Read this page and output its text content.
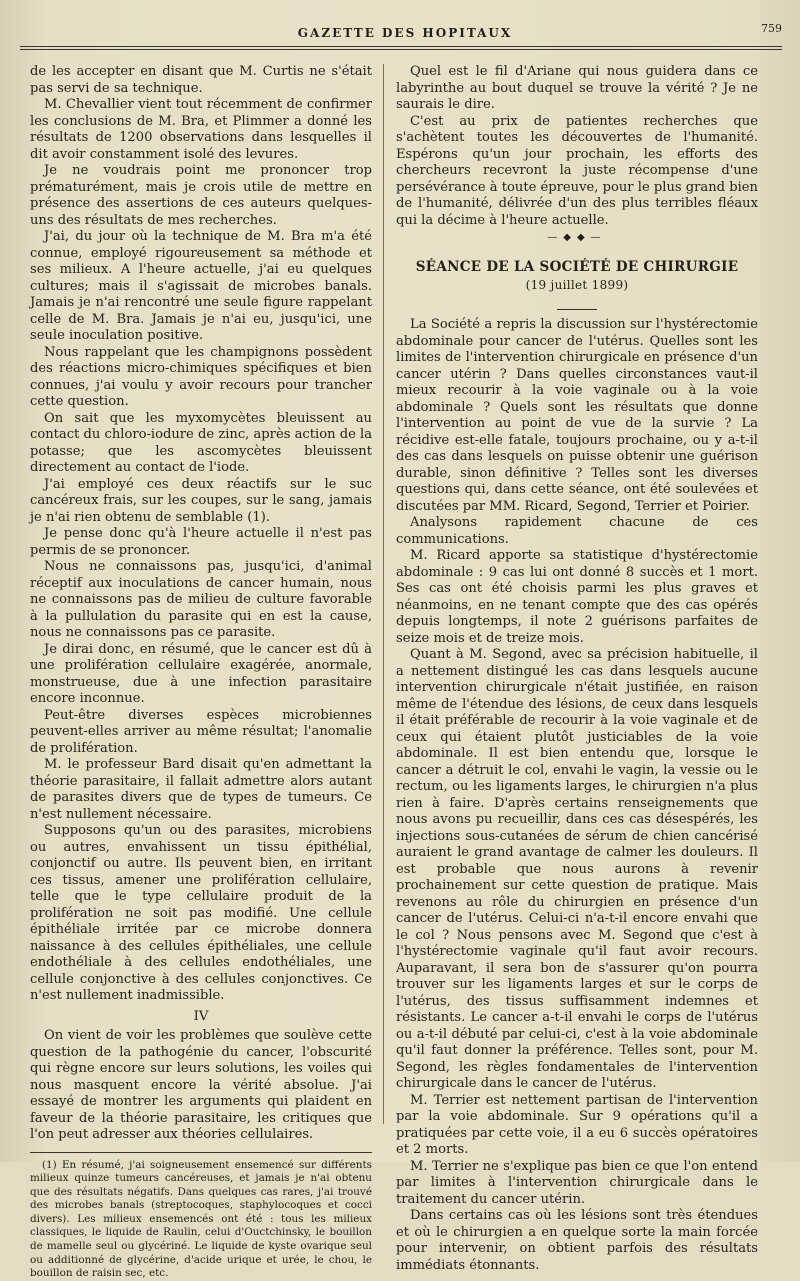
GAZETTE DES HOPITAUX	759

de les accepter en disant que M. Curtis ne s'était pas servi de sa technique.

M. Chevallier vient tout récemment de confirmer les conclusions de M. Bra, et Plimmer a donné les résultats de 1200 observations dans lesquelles il dit avoir constamment isolé des levures.

Je ne voudrais point me prononcer trop prématurément, mais je crois utile de mettre en présence des assertions de ces auteurs quelques-uns des résultats de mes recherches.

J'ai, du jour où la technique de M. Bra m'a été connue, employé rigoureusement sa méthode et ses milieux. A l'heure actuelle, j'ai eu quelques cultures; mais il s'agissait de microbes banals. Jamais je n'ai rencontré une seule figure rappelant celle de M. Bra. Jamais je n'ai eu, jusqu'ici, une seule inoculation positive.

Nous rappelant que les champignons possèdent des réactions micro-chimiques spécifiques et bien connues, j'ai voulu y avoir recours pour trancher cette question.

On sait que les myxomycètes bleuissent au contact du chloro-iodure de zinc, après action de la potasse; que les ascomycètes bleuissent directement au contact de l'iode.

J'ai employé ces deux réactifs sur le suc cancéreux frais, sur les coupes, sur le sang, jamais je n'ai rien obtenu de semblable (1).

Je pense donc qu'à l'heure actuelle il n'est pas permis de se prononcer.

Nous ne connaissons pas, jusqu'ici, d'animal réceptif aux inoculations de cancer humain, nous ne connaissons pas de milieu de culture favorable à la pullulation du parasite qui en est la cause, nous ne connaissons pas ce parasite.

Je dirai donc, en résumé, que le cancer est dû à une prolifération cellulaire exagérée, anormale, monstrueuse, due à une infection parasitaire encore inconnue.

Peut-être diverses espèces microbiennes peuvent-elles arriver au même résultat; l'anomalie de prolifération.

M. le professeur Bard disait qu'en admettant la théorie parasitaire, il fallait admettre alors autant de parasites divers que de types de tumeurs. Ce n'est nullement nécessaire.

Supposons qu'un ou des parasites, microbiens ou autres, envahissent un tissu épithélial, conjonctif ou autre. Ils peuvent bien, en irritant ces tissus, amener une prolifération cellulaire, telle que le type cellulaire produit de la prolifération ne soit pas modifié. Une cellule épithéliale irritée par ce microbe donnera naissance à des cellules épithéliales, une cellule endothéliale à des cellules endothéliales, une cellule conjonctive à des cellules conjonctives. Ce n'est nullement inadmissible.

IV

On vient de voir les problèmes que soulève cette question de la pathogénie du cancer, l'obscurité qui règne encore sur leurs solutions, les voiles qui nous masquent encore la vérité absolue. J'ai essayé de montrer les arguments qui plaident en faveur de la théorie parasitaire, les critiques que l'on peut adresser aux théories cellulaires.

(1) En résumé, j'ai soigneusement ensemencé sur différents milieux quinze tumeurs cancéreuses, et jamais je n'ai obtenu que des résultats négatifs. Dans quelques cas rares, j'ai trouvé des microbes banals (streptocoques, staphylocoques et cocci divers). Les milieux ensemencés ont été : tous les milieux classiques, le liquide de Raulin, celui d'Ouctchinsky, le bouillon de mamelle seul ou glycériné. Le liquide de kyste ovarique seul ou additionné de glycérine, d'acide urique et urée, le chou, le bouillon de raisin sec, etc.

Quel est le fil d'Ariane qui nous guidera dans ce labyrinthe au bout duquel se trouve la vérité ? Je ne saurais le dire.

C'est au prix de patientes recherches que s'achètent toutes les découvertes de l'humanité. Espérons qu'un jour prochain, les efforts des chercheurs recevront la juste récompense d'une persévérance à toute épreuve, pour le plus grand bien de l'humanité, délivrée d'un des plus terribles fléaux qui la décime à l'heure actuelle.

—◆◆—
SÉANCE DE LA SOCIÉTÉ DE CHIRURGIE
(19 juillet 1899)

La Société a repris la discussion sur l'hystérectomie abdominale pour cancer de l'utérus. Quelles sont les limites de l'intervention chirurgicale en présence d'un cancer utérin ? Dans quelles circonstances vaut-il mieux recourir à la voie vaginale ou à la voie abdominale ? Quels sont les résultats que donne l'intervention au point de vue de la survie ? La récidive est-elle fatale, toujours prochaine, ou y a-t-il des cas dans lesquels on puisse obtenir une guérison durable, sinon définitive ? Telles sont les diverses questions qui, dans cette séance, ont été soulevées et discutées par MM. Ricard, Segond, Terrier et Poirier.

Analysons rapidement chacune de ces communications.

M. Ricard apporte sa statistique d'hystérectomie abdominale : 9 cas lui ont donné 8 succès et 1 mort. Ses cas ont été choisis parmi les plus graves et néanmoins, en ne tenant compte que des cas opérés depuis longtemps, il note 2 guérisons parfaites de seize mois et de treize mois.

Quant à M. Segond, avec sa précision habituelle, il a nettement distingué les cas dans lesquels aucune intervention chirurgicale n'était justifiée, en raison même de l'étendue des lésions, de ceux dans lesquels il était préférable de recourir à la voie vaginale et de ceux qui étaient plutôt justiciables de la voie abdominale. Il est bien entendu que, lorsque le cancer a détruit le col, envahi le vagin, la vessie ou le rectum, ou les ligaments larges, le chirurgien n'a plus rien à faire. D'après certains renseignements que nous avons pu recueillir, dans ces cas désespérés, les injections sous-cutanées de sérum de chien cancérisé auraient le grand avantage de calmer les douleurs. Il est probable que nous aurons à revenir prochainement sur cette question de pratique. Mais revenons au rôle du chirurgien en présence d'un cancer de l'utérus. Celui-ci n'a-t-il encore envahi que le col ? Nous pensons avec M. Segond que c'est à l'hystérectomie vaginale qu'il faut avoir recours. Auparavant, il sera bon de s'assurer qu'on pourra trouver sur les ligaments larges et sur le corps de l'utérus, des tissus suffisamment indemnes et résistants. Le cancer a-t-il envahi le corps de l'utérus ou a-t-il débuté par celui-ci, c'est à la voie abdominale qu'il faut donner la préférence. Telles sont, pour M. Segond, les règles fondamentales de l'intervention chirurgicale dans le cancer de l'utérus.

M. Terrier est nettement partisan de l'intervention par la voie abdominale. Sur 9 opérations qu'il a pratiquées par cette voie, il a eu 6 succès opératoires et 2 morts.

M. Terrier ne s'explique pas bien ce que l'on entend par limites à l'intervention chirurgicale dans le traitement du cancer utérin.

Dans certains cas où les lésions sont très étendues et où le chirurgien a en quelque sorte la main forcée pour intervenir, on obtient parfois des résultats immédiats étonnants.
